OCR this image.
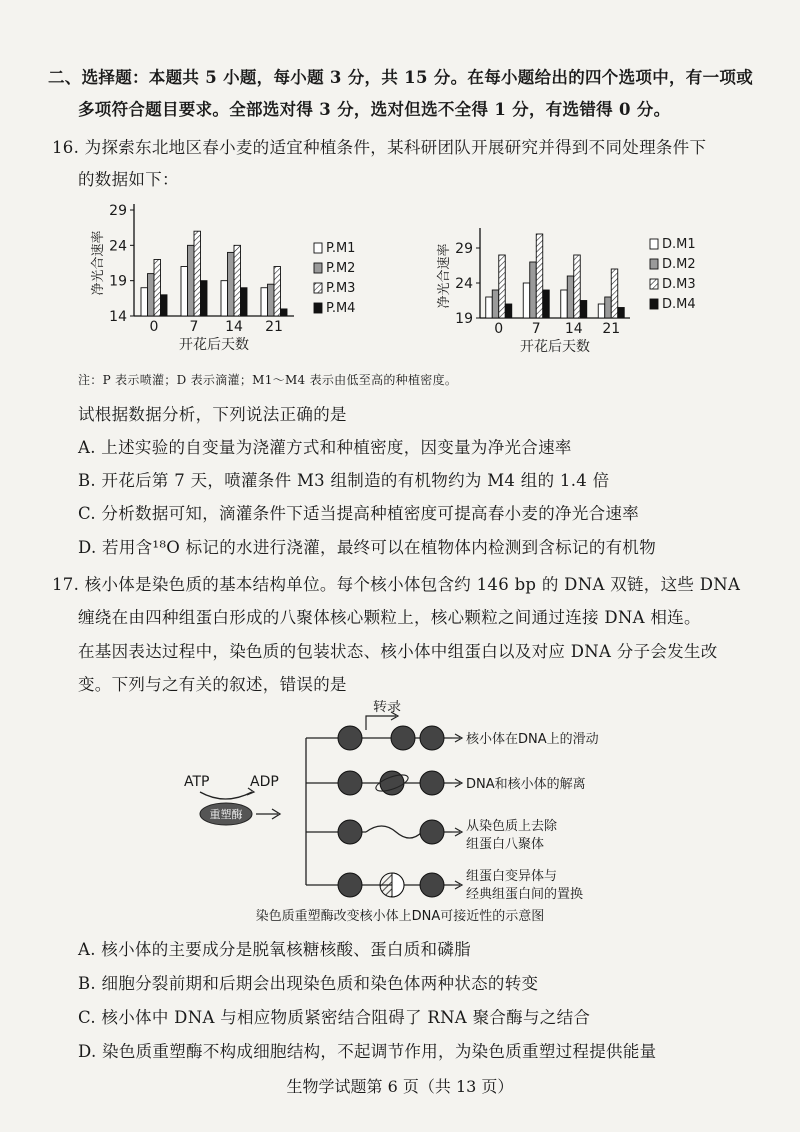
二、选择题：本题共 5 小题，每小题 3 分，共 15 分。在每小题给出的四个选项中，有一项或
多项符合题目要求。全部选对得 3 分，选对但选不全得 1 分，有选错得 0 分。
16. 为探索东北地区春小麦的适宜种植条件，某科研团队开展研究并得到不同处理条件下
的数据如下：
14
19
24
29
净光合速率
0 7 14 21
开花后天数
P.M1
P.M2
P.M3
P.M4
19
24
29
净光合速率
0 7 14 21
开花后天数
D.M1
D.M2
D.M3
D.M4
注：P 表示喷灌；D 表示滴灌；M1～M4 表示由低至高的种植密度。
试根据数据分析，下列说法正确的是
A. 上述实验的自变量为浇灌方式和种植密度，因变量为净光合速率
B. 开花后第 7 天，喷灌条件 M3 组制造的有机物约为 M4 组的 1.4 倍
C. 分析数据可知，滴灌条件下适当提高种植密度可提高春小麦的净光合速率
D. 若用含¹⁸O 标记的水进行浇灌，最终可以在植物体内检测到含标记的有机物
17. 核小体是染色质的基本结构单位。每个核小体包含约 146 bp 的 DNA 双链，这些 DNA
缠绕在由四种组蛋白形成的八聚体核心颗粒上，核心颗粒之间通过连接 DNA 相连。
在基因表达过程中，染色质的包装状态、核小体中组蛋白以及对应 DNA 分子会发生改
变。下列与之有关的叙述，错误的是
ATP	ADP
重塑酶
转录
核小体在DNA上的滑动
DNA和核小体的解离
从染色质上去除
组蛋白八聚体
组蛋白变异体与
经典组蛋白间的置换
染色质重塑酶改变核小体上DNA可接近性的示意图
A. 核小体的主要成分是脱氧核糖核酸、蛋白质和磷脂
B. 细胞分裂前期和后期会出现染色质和染色体两种状态的转变
C. 核小体中 DNA 与相应物质紧密结合阻碍了 RNA 聚合酶与之结合
D. 染色质重塑酶不构成细胞结构，不起调节作用，为染色质重塑过程提供能量
生物学试题第 6 页（共 13 页）
